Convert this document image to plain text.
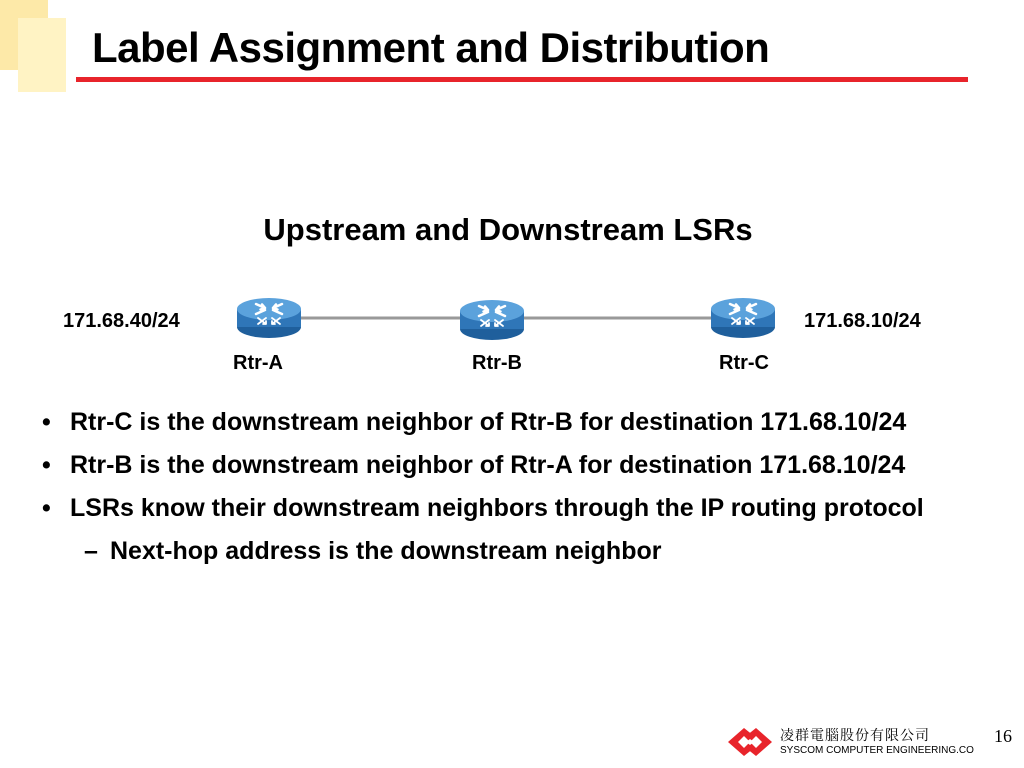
Label Assignment and Distribution
Upstream and Downstream LSRs
171.68.40/24	171.68.10/24
Rtr-A	Rtr-B	Rtr-C
• Rtr-C is the downstream neighbor of Rtr-B for destination 171.68.10/24
• Rtr-B is the downstream neighbor of Rtr-A for destination 171.68.10/24
• LSRs know their downstream neighbors through the IP routing protocol
– Next-hop address is the downstream neighbor
凌群電腦股份有限公司
SYSCOM COMPUTER ENGINEERING.CO
16
